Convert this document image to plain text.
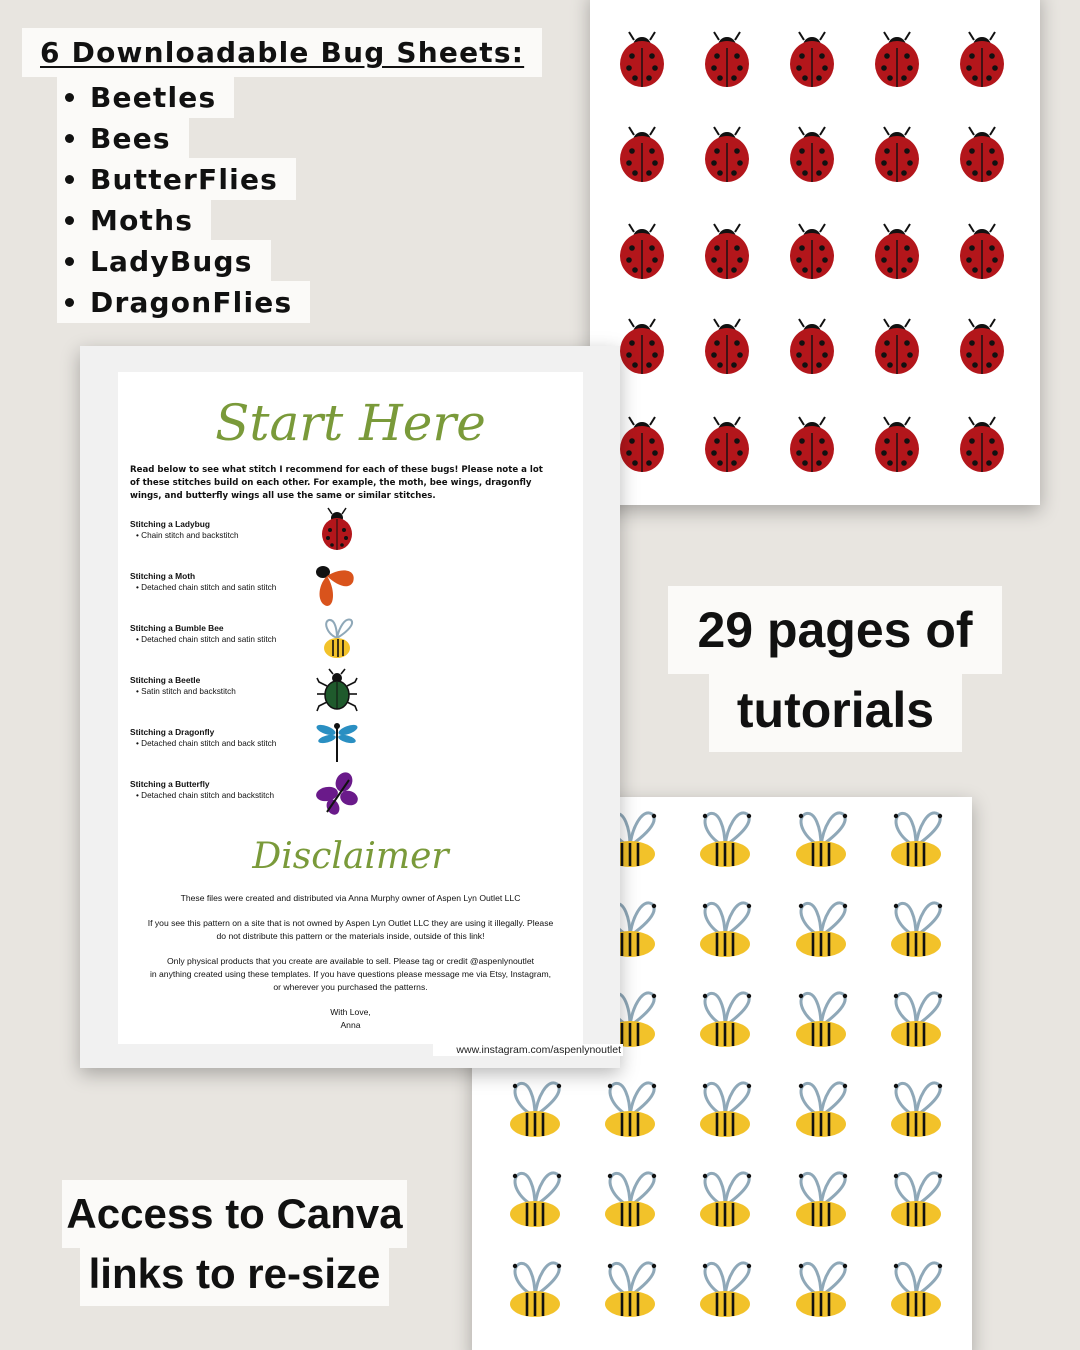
6 Downloadable Bug Sheets:
Beetles
Bees
ButterFlies
Moths
LadyBugs
DragonFlies
Start Here
Read below to see what stitch I recommend for each of these bugs! Please note a lot of these stitches build on each other. For example, the moth, bee wings, dragonfly wings, and butterfly wings all use the same or similar stitches.
Stitching a Ladybug
• Chain stitch and backstitch
Stitching a Moth
• Detached chain stitch and satin stitch
Stitching a Bumble Bee
• Detached chain stitch and satin stitch
Stitching a Beetle
• Satin stitch and backstitch
Stitching a Dragonfly
• Detached chain stitch and back stitch
Stitching a Butterfly
• Detached chain stitch and backstitch
Disclaimer
These files were created and distributed via Anna Murphy owner of Aspen Lyn Outlet LLC
If you see this pattern on a site that is not owned by Aspen Lyn Outlet LLC they are using it illegally. Please
do not distribute this pattern or the materials inside, outside of this link!
Only physical products that you create are available to sell. Please tag or credit @aspenlynoutlet
in anything created using these templates. If you have questions please message me via Etsy, Instagram,
or wherever you purchased the patterns.
With Love,
Anna
www.instagram.com/aspenlynoutlet
29 pages of
tutorials
Access to Canva
links to re-size
